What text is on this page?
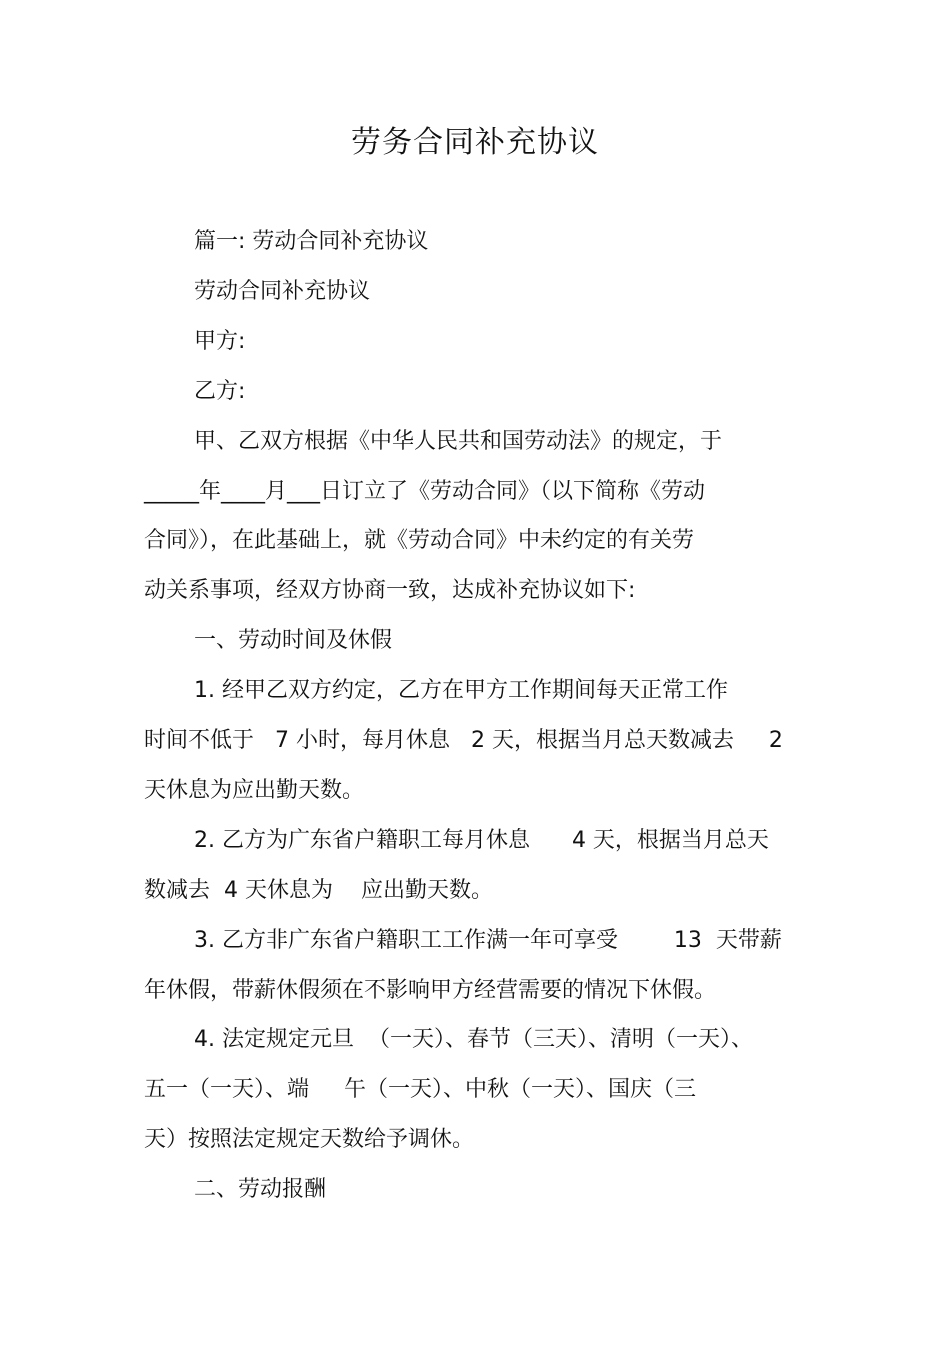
劳务合同补充协议
篇一: 劳动合同补充协议
劳动合同补充协议
甲方:
乙方:
甲、乙双方根据《中华人民共和国劳动法》的规定，于
_____年____月___日订立了《劳动合同》（以下简称《劳动
合同》），在此基础上，就《劳动合同》中未约定的有关劳
动关系事项，经双方协商一致，达成补充协议如下:
一、劳动时间及休假
1. 经甲乙双方约定，乙方在甲方工作期间每天正常工作
时间不低于   7 小时，每月休息   2 天，根据当月总天数减去     2
天休息为应出勤天数。
2. 乙方为广东省户籍职工每月休息      4 天，根据当月总天
数减去  4 天休息为    应出勤天数。
3. 乙方非广东省户籍职工工作满一年可享受        13  天带薪
年休假，带薪休假须在不影响甲方经营需要的情况下休假。
4. 法定规定元旦  （一天）、春节（三天）、清明（一天）、
五一（一天）、端     午（一天）、中秋（一天）、国庆（三
天）按照法定规定天数给予调休。
二、劳动报酬
